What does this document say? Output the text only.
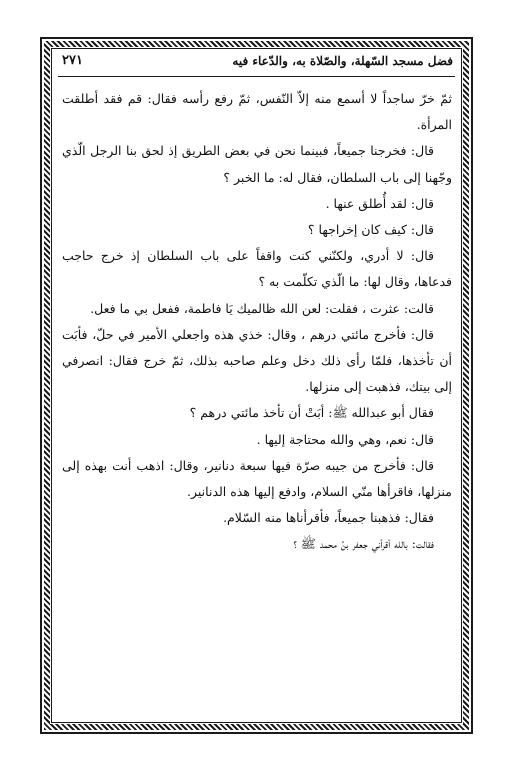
فضل مسجد السّهلة، والصّلاة به، والدّعاء فيه
٢٧١

ثمّ خرّ ساجداً لا أسمع منه إلاّ النّفس، ثمّ رفع رأسه فقال: قم فقد أطلقت المرأة.

قال: فخرجنا جميعاً، فبينما نحن في بعض الطريق إذ لحق بنا الرجل الّذي وجّهنا إلى باب السلطان، فقال له: ما الخبر ؟

قال: لقد أُطلق عنها .

قال: كيف كان إخراجها ؟

قال: لا أدري، ولكنّني كنت واقفاً على باب السلطان إذ خرج حاجب فدعاها، وقال لها: ما الّذي تكلّمت به ؟

قالت: عثرت ، فقلت: لعن الله ظالميك يَا فاطمة، ففعل بي ما فعل.

قال: فأخرج مائتي درهم ، وقال: خذي هذه واجعلي الأمير في حلّ، فأبَت أن تأخذها، فلمّا رأى ذلك دخل وعلم صاحبه بذلك، ثمّ خرج فقال: انصرفي إلى بيتك، فذهبت إلى منزلها.

فقال أبو عبدالله ﷺ: أبَتْ أن تأخذ مائتي درهم ؟

قال: نعم، وهي والله محتاجة إليها .

قال: فأخرج من جيبه صرّة فيها سبعة دنانير، وقال: اذهب أنت بهذه إلى منزلها، فاقرأها منّي السلام، وادفع إليها هذه الدنانير.

فقال: فذهبنا جميعاً، فأقرأناها منه السّلام.

فقالت: بالله أقرأني جعفر بنُ محمد ﷺ ؟
